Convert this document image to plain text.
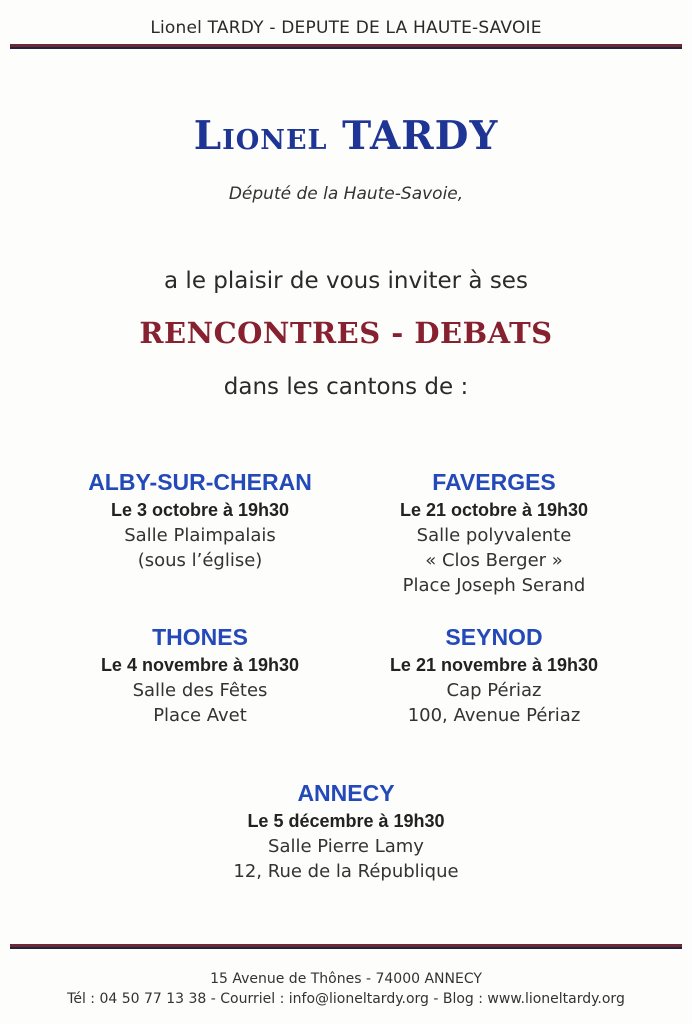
Lionel TARDY - DEPUTE DE LA HAUTE-SAVOIE
Lionel TARDY
Député de la Haute-Savoie,
a le plaisir de vous inviter à ses
RENCONTRES - DEBATS
dans les cantons de :
ALBY-SUR-CHERAN
Le 3 octobre à 19h30
Salle Plaimpalais
(sous l’église)
FAVERGES
Le 21 octobre à 19h30
Salle polyvalente
« Clos Berger »
Place Joseph Serand
THONES
Le 4 novembre à 19h30
Salle des Fêtes
Place Avet
SEYNOD
Le 21 novembre à 19h30
Cap Périaz
100, Avenue Périaz
ANNECY
Le 5 décembre à 19h30
Salle Pierre Lamy
12, Rue de la République
15 Avenue de Thônes - 74000 ANNECY
Tél : 04 50 77 13 38 - Courriel : info@lioneltardy.org - Blog : www.lioneltardy.org
